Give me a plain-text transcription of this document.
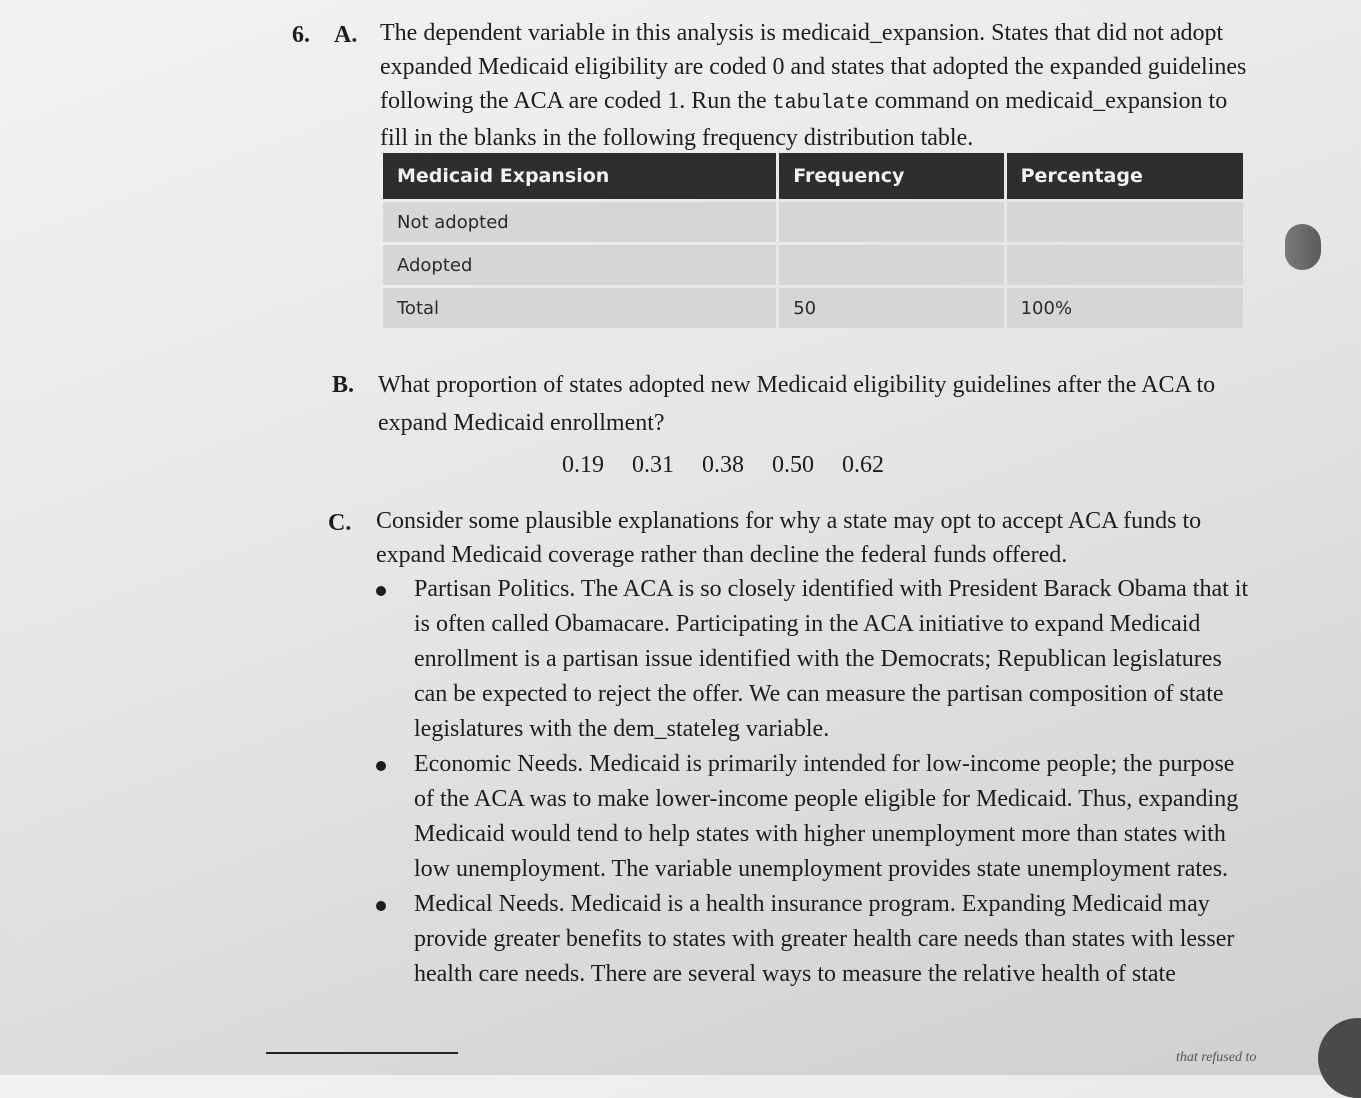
6. A. The dependent variable in this analysis is medicaid_expansion. States that did not adopt
expanded Medicaid eligibility are coded 0 and states that adopted the expanded guidelines
following the ACA are coded 1. Run the tabulate command on medicaid_expansion to
fill in the blanks in the following frequency distribution table.
Medicaid Expansion	Frequency	Percentage
Not adopted		
Adopted		
Total	50	100%
B. What proportion of states adopted new Medicaid eligibility guidelines after the ACA to
expand Medicaid enrollment?
0.19 0.31 0.38 0.50 0.62
C. Consider some plausible explanations for why a state may opt to accept ACA funds to
expand Medicaid coverage rather than decline the federal funds offered.
Partisan Politics. The ACA is so closely identified with President Barack Obama that it is often called Obamacare. Participating in the ACA initiative to expand Medicaid enrollment is a partisan issue identified with the Democrats; Republican legislatures can be expected to reject the offer. We can measure the partisan composition of state legislatures with the dem_stateleg variable.
Economic Needs. Medicaid is primarily intended for low-income people; the purpose of the ACA was to make lower-income people eligible for Medicaid. Thus, expanding Medicaid would tend to help states with higher unemployment more than states with low unemployment. The variable unemployment provides state unemployment rates.
Medical Needs. Medicaid is a health insurance program. Expanding Medicaid may provide greater benefits to states with greater health care needs than states with lesser health care needs. There are several ways to measure the relative health of state
that refused to
